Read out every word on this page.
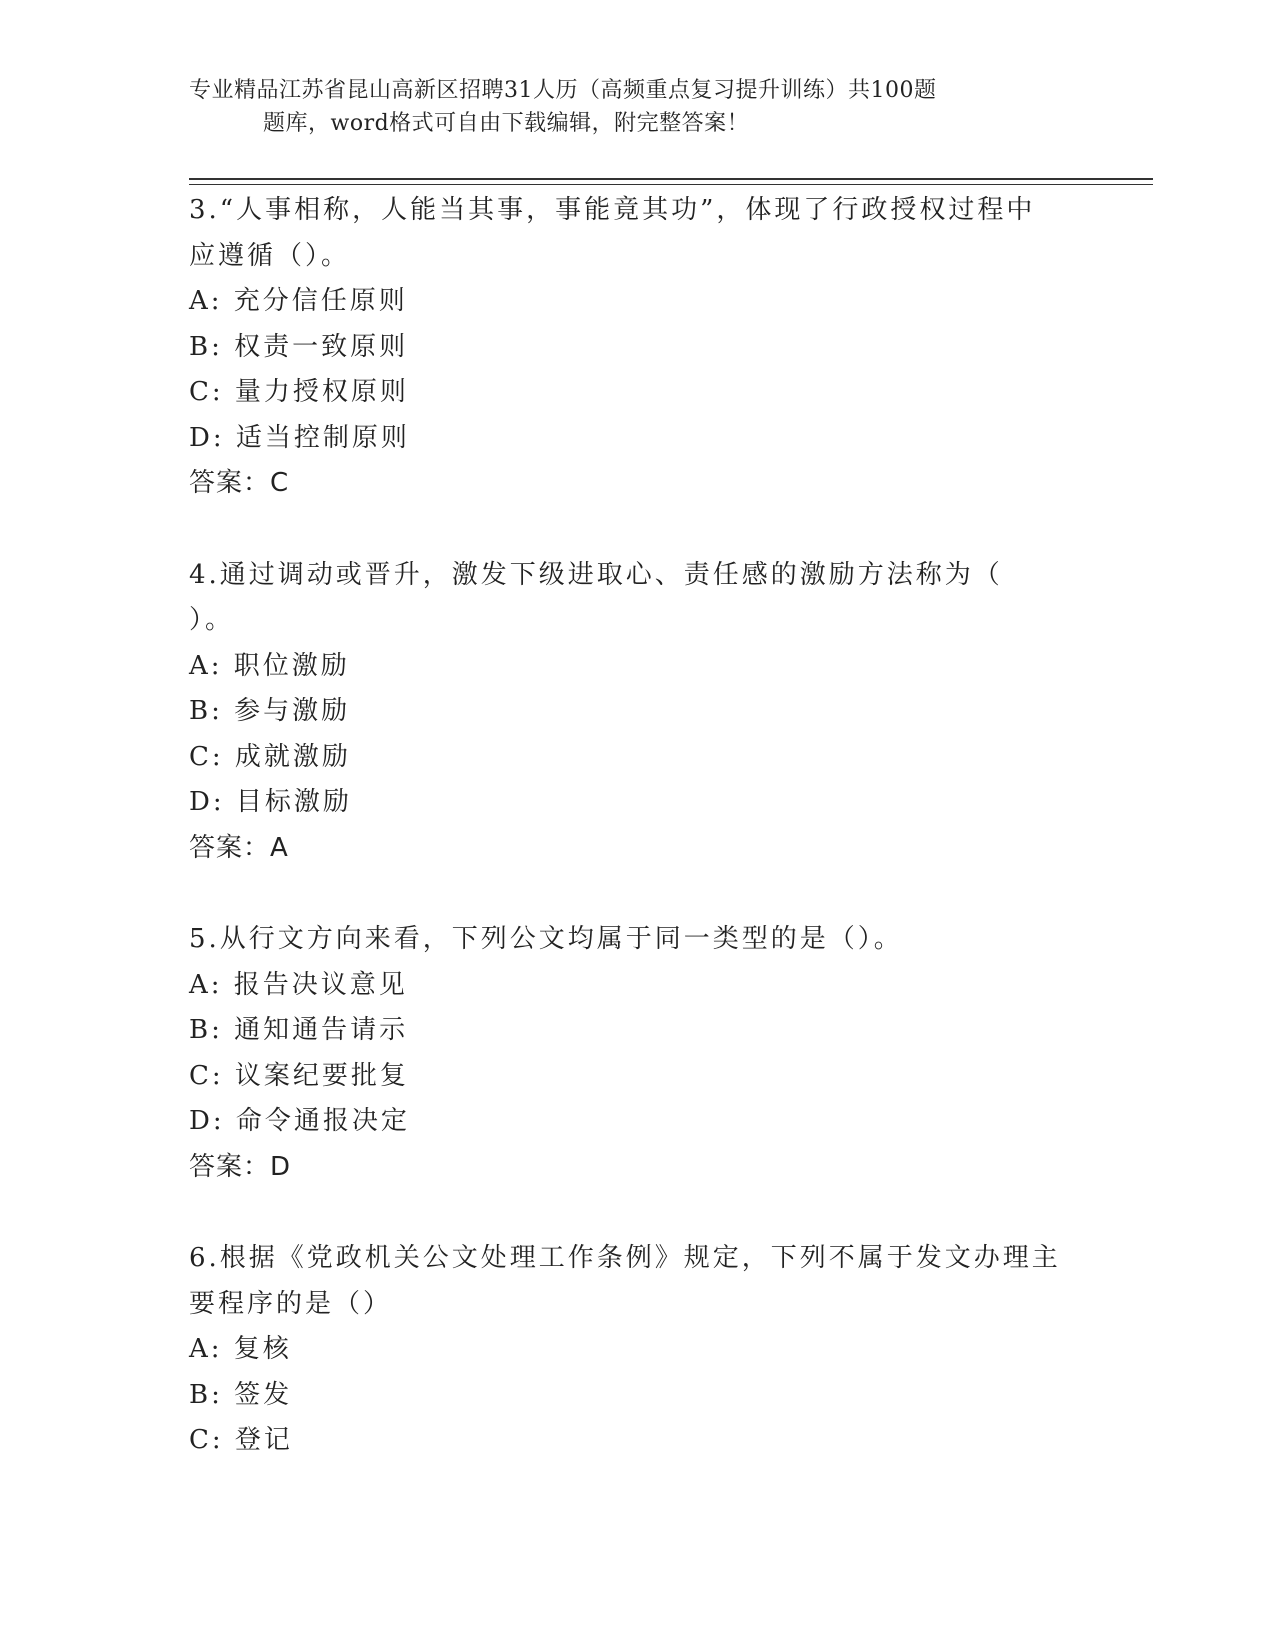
专业精品江苏省昆山高新区招聘31人历（高频重点复习提升训练）共100题
题库，word格式可自由下载编辑，附完整答案！
3.“人事相称，人能当其事，事能竟其功”，体现了行政授权过程中
应遵循（）。
A: 充分信任原则
B: 权责一致原则
C: 量力授权原则
D: 适当控制原则
答案：C
4.通过调动或晋升，激发下级进取心、责任感的激励方法称为（
）。
A: 职位激励
B: 参与激励
C: 成就激励
D: 目标激励
答案：A
5.从行文方向来看，下列公文均属于同一类型的是（）。
A: 报告决议意见
B: 通知通告请示
C: 议案纪要批复
D: 命令通报决定
答案：D
6.根据《党政机关公文处理工作条例》规定，下列不属于发文办理主
要程序的是（）
A: 复核
B: 签发
C: 登记
